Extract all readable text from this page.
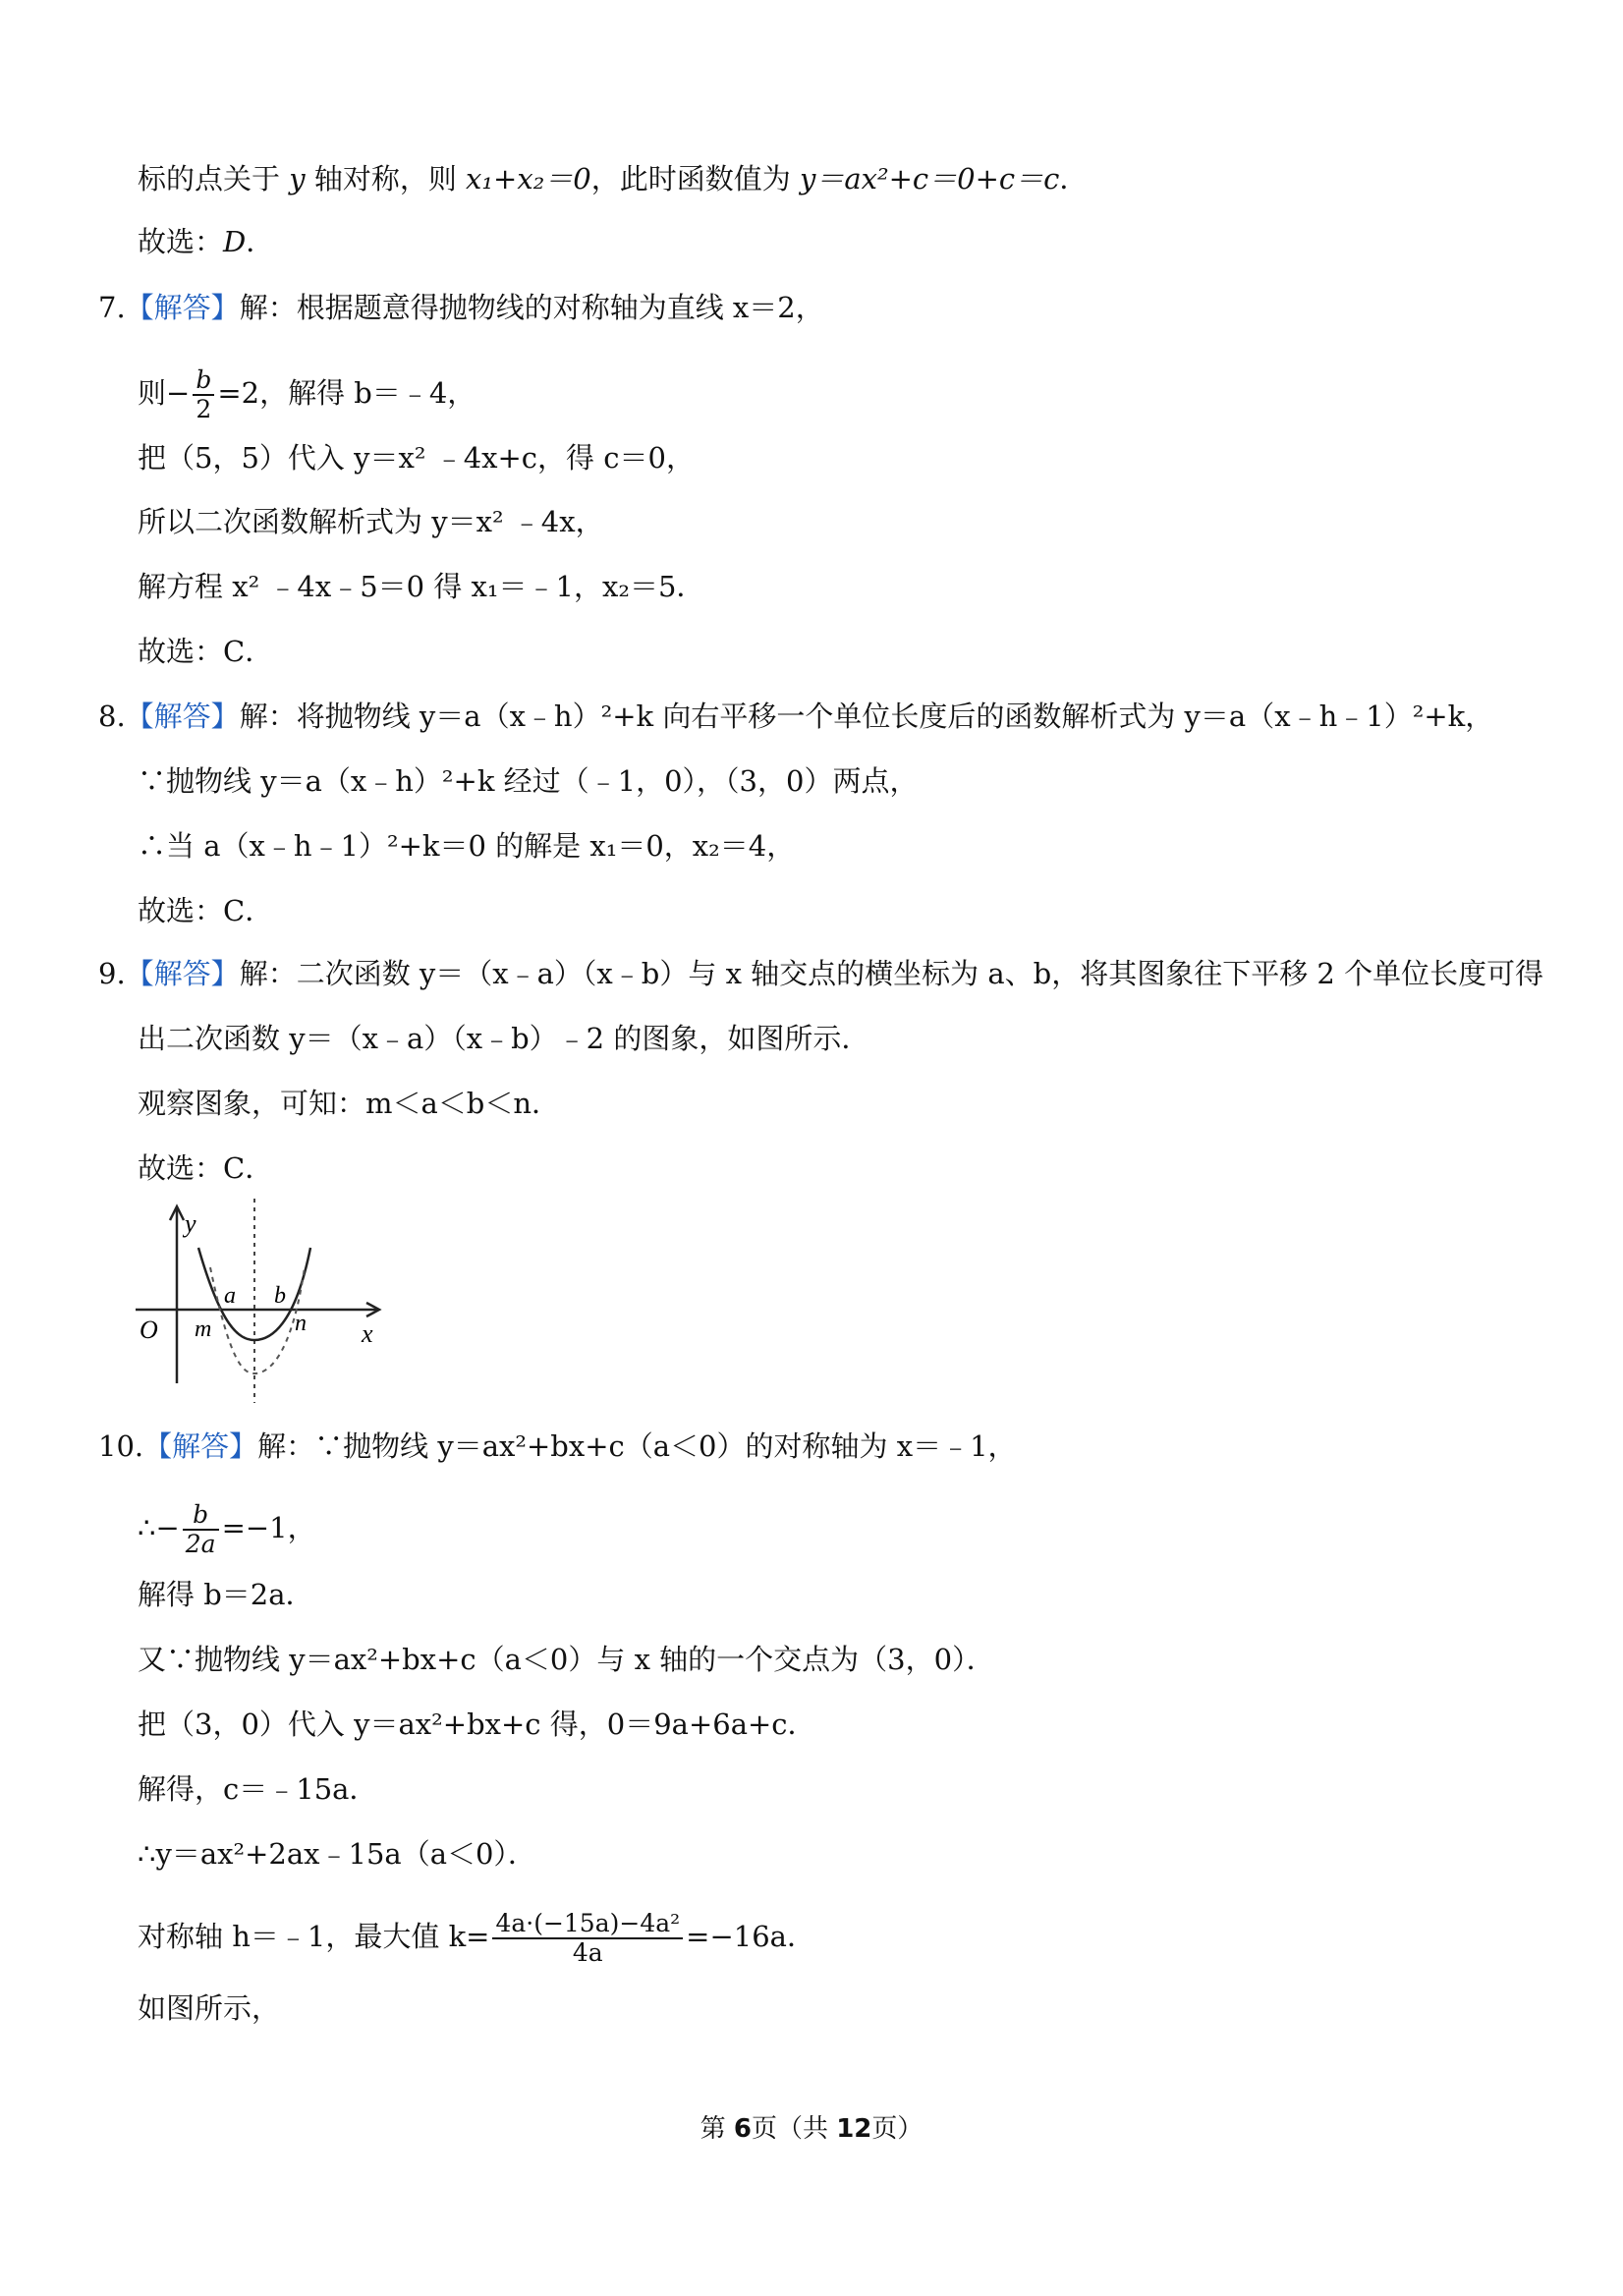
标的点关于 y 轴对称，则 x₁+x₂＝0，此时函数值为 y＝ax²+c＝0+c＝c．
故选：D．
7.【解答】解：根据题意得抛物线的对称轴为直线 x＝2，
则− $\frac{b}{2} =2$，解得 b＝﹣4，
把（5，5）代入 y＝x² ﹣4x+c，得 c＝0，
所以二次函数解析式为 y＝x² ﹣4x，
解方程 x² ﹣4x﹣5＝0 得 x₁＝﹣1，x₂＝5．
故选：C．
8.【解答】解：将抛物线 y＝a（x﹣h）²+k 向右平移一个单位长度后的函数解析式为 y＝a（x﹣h﹣1）²+k，
∵抛物线 y＝a（x﹣h）²+k 经过（﹣1，0），（3，0）两点，
∴当 a（x﹣h﹣1）²+k＝0 的解是 x₁＝0，x₂＝4，
故选：C．
9.【解答】解：二次函数 y＝（x﹣a）（x﹣b）与 x 轴交点的横坐标为 a、b，将其图象往下平移 2 个单位长度可得
出二次函数 y＝（x﹣a）（x﹣b）﹣2 的图象，如图所示．
观察图象，可知：m＜a＜b＜n．
故选：C．
y
x
O
a b
m	n
10.【解答】解：∵抛物线 y＝ax²+bx+c（a＜0）的对称轴为 x＝﹣1，
∴− $\frac{b}{2a} =-1$，
解得 b＝2a．
又∵抛物线 y＝ax²+bx+c（a＜0）与 x 轴的一个交点为（3，0）．
把（3，0）代入 y＝ax²+bx+c 得，0＝9a+6a+c．
解得，c＝﹣15a．
∴y＝ax²+2ax﹣15a（a＜0）．
对称轴 h＝﹣1，最大值 $k= \frac{\text{4a·(−15a)−4a²}}{4a} =-16a$．
如图所示，
第 6页（共 12页）
